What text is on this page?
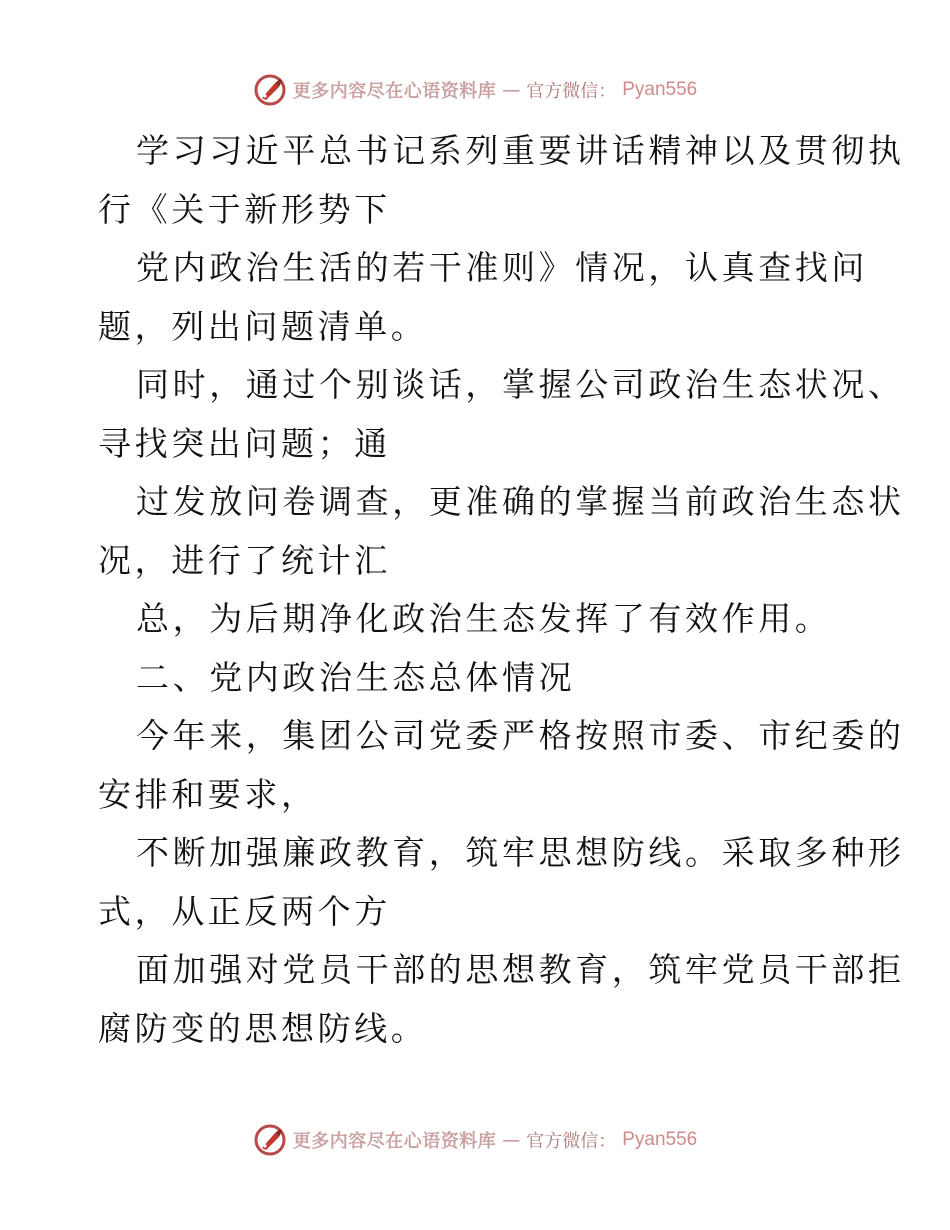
更多内容尽在心语资料库 — 官方微信： Pyan556
学习习近平总书记系列重要讲话精神以及贯彻执
行《关于新形势下
党内政治生活的若干准则》情况，认真查找问
题，列出问题清单。
同时，通过个别谈话，掌握公司政治生态状况、
寻找突出问题；通
过发放问卷调查，更准确的掌握当前政治生态状
况，进行了统计汇
总，为后期净化政治生态发挥了有效作用。
二、党内政治生态总体情况
今年来，集团公司党委严格按照市委、市纪委的
安排和要求，
不断加强廉政教育，筑牢思想防线。采取多种形
式，从正反两个方
面加强对党员干部的思想教育，筑牢党员干部拒
腐防变的思想防线。
更多内容尽在心语资料库 — 官方微信： Pyan556
